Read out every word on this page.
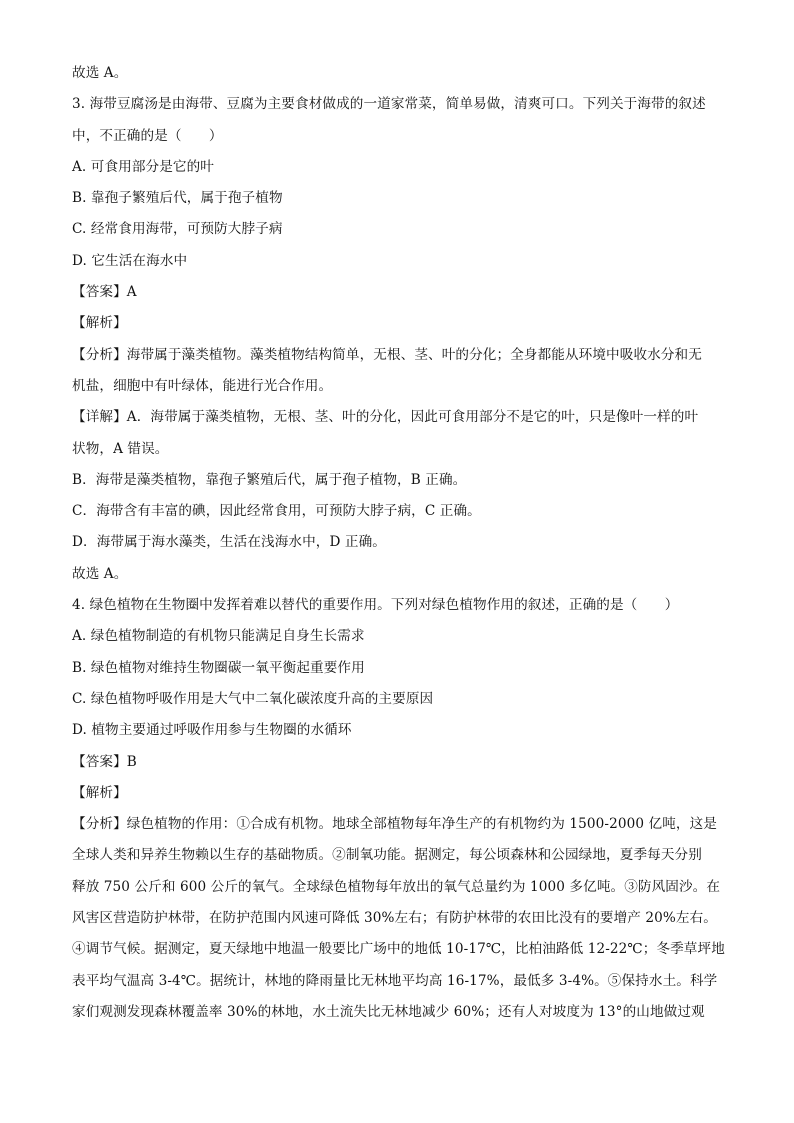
故选 A。
3. 海带豆腐汤是由海带、豆腐为主要食材做成的一道家常菜，简单易做，清爽可口。下列关于海带的叙述
中，不正确的是（　　）
A. 可食用部分是它的叶
B. 靠孢子繁殖后代，属于孢子植物
C. 经常食用海带，可预防大脖子病
D. 它生活在海水中
【答案】A
【解析】
【分析】海带属于藻类植物。藻类植物结构简单，无根、茎、叶的分化；全身都能从环境中吸收水分和无
机盐，细胞中有叶绿体，能进行光合作用。
【详解】A．海带属于藻类植物，无根、茎、叶的分化，因此可食用部分不是它的叶，只是像叶一样的叶
状物，A 错误。
B．海带是藻类植物，靠孢子繁殖后代，属于孢子植物，B 正确。
C．海带含有丰富的碘，因此经常食用，可预防大脖子病，C 正确。
D．海带属于海水藻类，生活在浅海水中，D 正确。
故选 A。
4. 绿色植物在生物圈中发挥着难以替代的重要作用。下列对绿色植物作用的叙述，正确的是（　　）
A. 绿色植物制造的有机物只能满足自身生长需求
B. 绿色植物对维持生物圈碳一氧平衡起重要作用
C. 绿色植物呼吸作用是大气中二氧化碳浓度升高的主要原因
D. 植物主要通过呼吸作用参与生物圈的水循环
【答案】B
【解析】
【分析】绿色植物的作用：①合成有机物。地球全部植物每年净生产的有机物约为 1500-2000 亿吨，这是
全球人类和异养生物赖以生存的基础物质。②制氧功能。据测定，每公顷森林和公园绿地，夏季每天分别
释放 750 公斤和 600 公斤的氧气。全球绿色植物每年放出的氧气总量约为 1000 多亿吨。③防风固沙。在
风害区营造防护林带，在防护范围内风速可降低 30%左右；有防护林带的农田比没有的要增产 20%左右。
④调节气候。据测定，夏天绿地中地温一般要比广场中的地低 10-17℃，比柏油路低 12-22℃；冬季草坪地
表平均气温高 3-4℃。据统计，林地的降雨量比无林地平均高 16-17%，最低多 3-4%。⑤保持水土。科学
家们观测发现森林覆盖率 30%的林地，水土流失比无林地减少 60%；还有人对坡度为 13°的山地做过观
